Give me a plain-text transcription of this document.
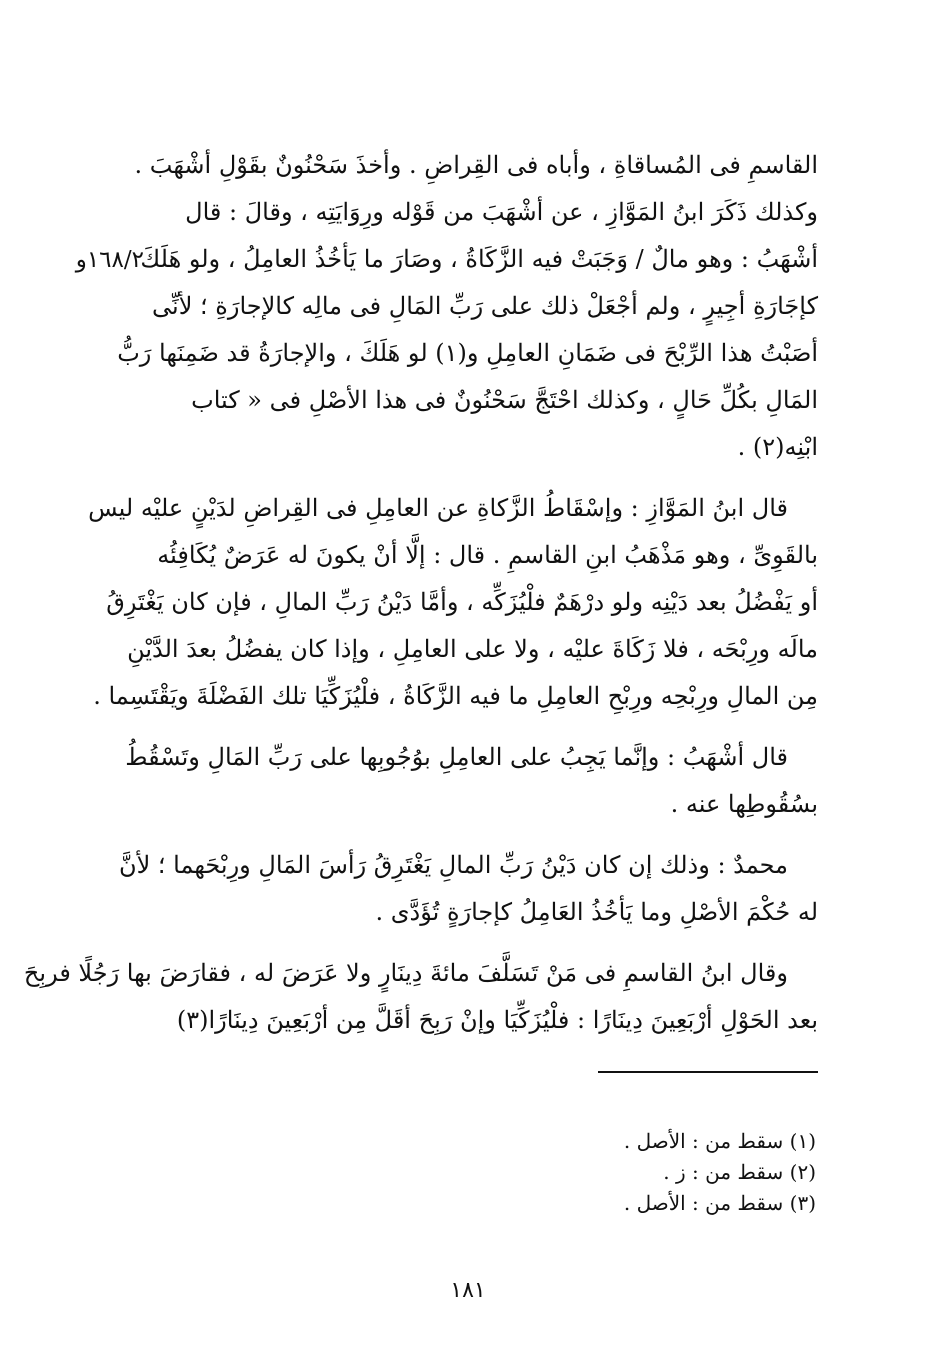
١٦٨/٢و

القاسمِ فى المُساقاةِ ، وأباه فى القِراضِ . وأخذَ سَحْنُونٌ بقَوْلِ أشْهَبَ .
وكذلك ذَكَرَ ابنُ المَوَّازِ ، عن أشْهَبَ من قَوْله ورِوَايَتِه ، وقالَ : قال
أشْهَبُ : وهو مالٌ / وَجَبَتْ فيه الزَّكَاةُ ، وصَارَ ما يَأخُذُ العامِلُ ، ولو هَلَكَ
كإجَارَةِ أجِيرٍ ، ولم أجْعَلْ ذلك على رَبِّ المَالِ فى مالِه كالإجارَةِ ؛ لأنِّى
أصَبْتُ هذا الرِّبْحَ فى ضَمَانِ العامِلِ و(١) لو هَلَكَ ، والإجارَةُ قد ضَمِنَها رَبُّ
المَالِ بكُلِّ حَالٍ ، وكذلك احْتَجَّ سَحْنُونٌ فى هذا الأصْلِ فى « كتاب
ابْنِه(٢) .

قال ابنُ المَوَّازِ : وإسْقَاطُ الزَّكاةِ عن العامِلِ فى القِراضِ لدَيْنٍ عليْه ليس
بالقَوِىِّ ، وهو مَذْهَبُ ابنِ القاسمِ . قال : إلَّا أنْ يكونَ له عَرَضٌ يُكَافِئُه
أو يَفْضُلُ بعد دَيْنِه ولو درْهَمٌ فلْيُزَكِّه ، وأمَّا دَيْنُ رَبِّ المالِ ، فإن كان يَغْتَرِقُ
مالَه ورِبْحَه ، فلا زَكَاةَ عليْه ، ولا على العامِلِ ، وإذا كان يفضُلُ بعدَ الدَّيْنِ
مِن المالِ ورِبْحِه ورِبْحِ العامِلِ ما فيه الزَّكَاةُ ، فلْيُزَكِّيَا تلك الفَضْلَةَ ويَقْتَسِما .

قال أشْهَبُ : وإنَّما يَجِبُ على العامِلِ بوُجُوبِها على رَبِّ المَالِ وتَسْقُطُ
بسُقُوطِها عنه .

محمدٌ : وذلك إن كان دَيْنُ رَبِّ المالِ يَغْتَرِقُ رَأسَ المَالِ ورِبْحَهما ؛ لأنَّ
له حُكْمَ الأصْلِ وما يَأخُذُ العَامِلُ كإجارَةٍ تُؤَدَّى .

وقال ابنُ القاسمِ فى مَنْ تَسَلَّفَ مائةَ دِينَارٍ ولا عَرَضَ له ، فقارَضَ بها رَجُلًا فربِحَ
بعد الحَوْلِ أرْبَعِينَ دِينَارًا : فلْيُزَكِّيَا وإنْ رَبِحَ أقَلَّ مِن أرْبَعِينَ دِينَارًا(٣)

(١) سقط من : الأصل .
(٢) سقط من : ز .
(٣) سقط من : الأصل .
١٨١
